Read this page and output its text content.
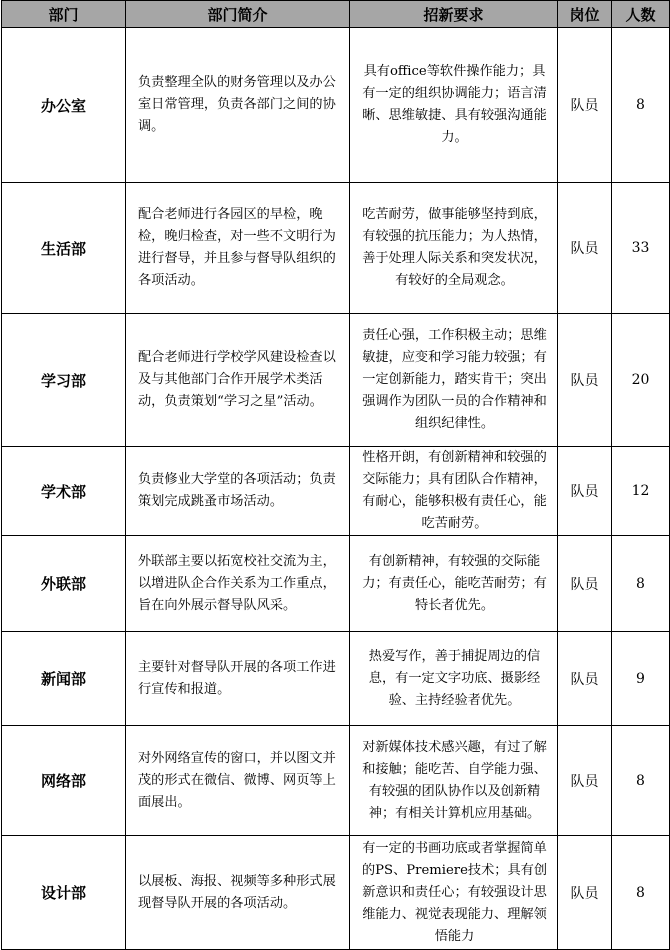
部门	部门简介	招新要求	岗位	人数
办公室	负责整理全队的财务管理以及办公室日常管理，负责各部门之间的协调。	具有office等软件操作能力；具有一定的组织协调能力；语言清晰、思维敏捷、具有较强沟通能力。	队员	8
生活部	配合老师进行各园区的早检，晚检，晚归检查，对一些不文明行为进行督导，并且参与督导队组织的各项活动。	吃苦耐劳，做事能够坚持到底，有较强的抗压能力；为人热情，善于处理人际关系和突发状况，有较好的全局观念。	队员	33
学习部	配合老师进行学校学风建设检查以及与其他部门合作开展学术类活动，负责策划“学习之星”活动。	责任心强，工作积极主动；思维敏捷，应变和学习能力较强；有一定创新能力，踏实肯干；突出强调作为团队一员的合作精神和组织纪律性。	队员	20
学术部	负责修业大学堂的各项活动；负责策划完成跳蚤市场活动。	性格开朗，有创新精神和较强的交际能力；具有团队合作精神，有耐心，能够积极有责任心，能吃苦耐劳。	队员	12
外联部	外联部主要以拓宽校社交流为主，以增进队企合作关系为工作重点，旨在向外展示督导队风采。	有创新精神，有较强的交际能力；有责任心，能吃苦耐劳；有特长者优先。	队员	8
新闻部	主要针对督导队开展的各项工作进行宣传和报道。	热爱写作，善于捕捉周边的信息，有一定文字功底、摄影经验、主持经验者优先。	队员	9
网络部	对外网络宣传的窗口，并以图文并茂的形式在微信、微博、网页等上面展出。	对新媒体技术感兴趣，有过了解和接触；能吃苦、自学能力强、有较强的团队协作以及创新精神；有相关计算机应用基础。	队员	8
设计部	以展板、海报、视频等多种形式展现督导队开展的各项活动。	有一定的书画功底或者掌握简单的PS、Premiere技术；具有创新意识和责任心；有较强设计思维能力、视觉表现能力、理解领悟能力	队员	8
